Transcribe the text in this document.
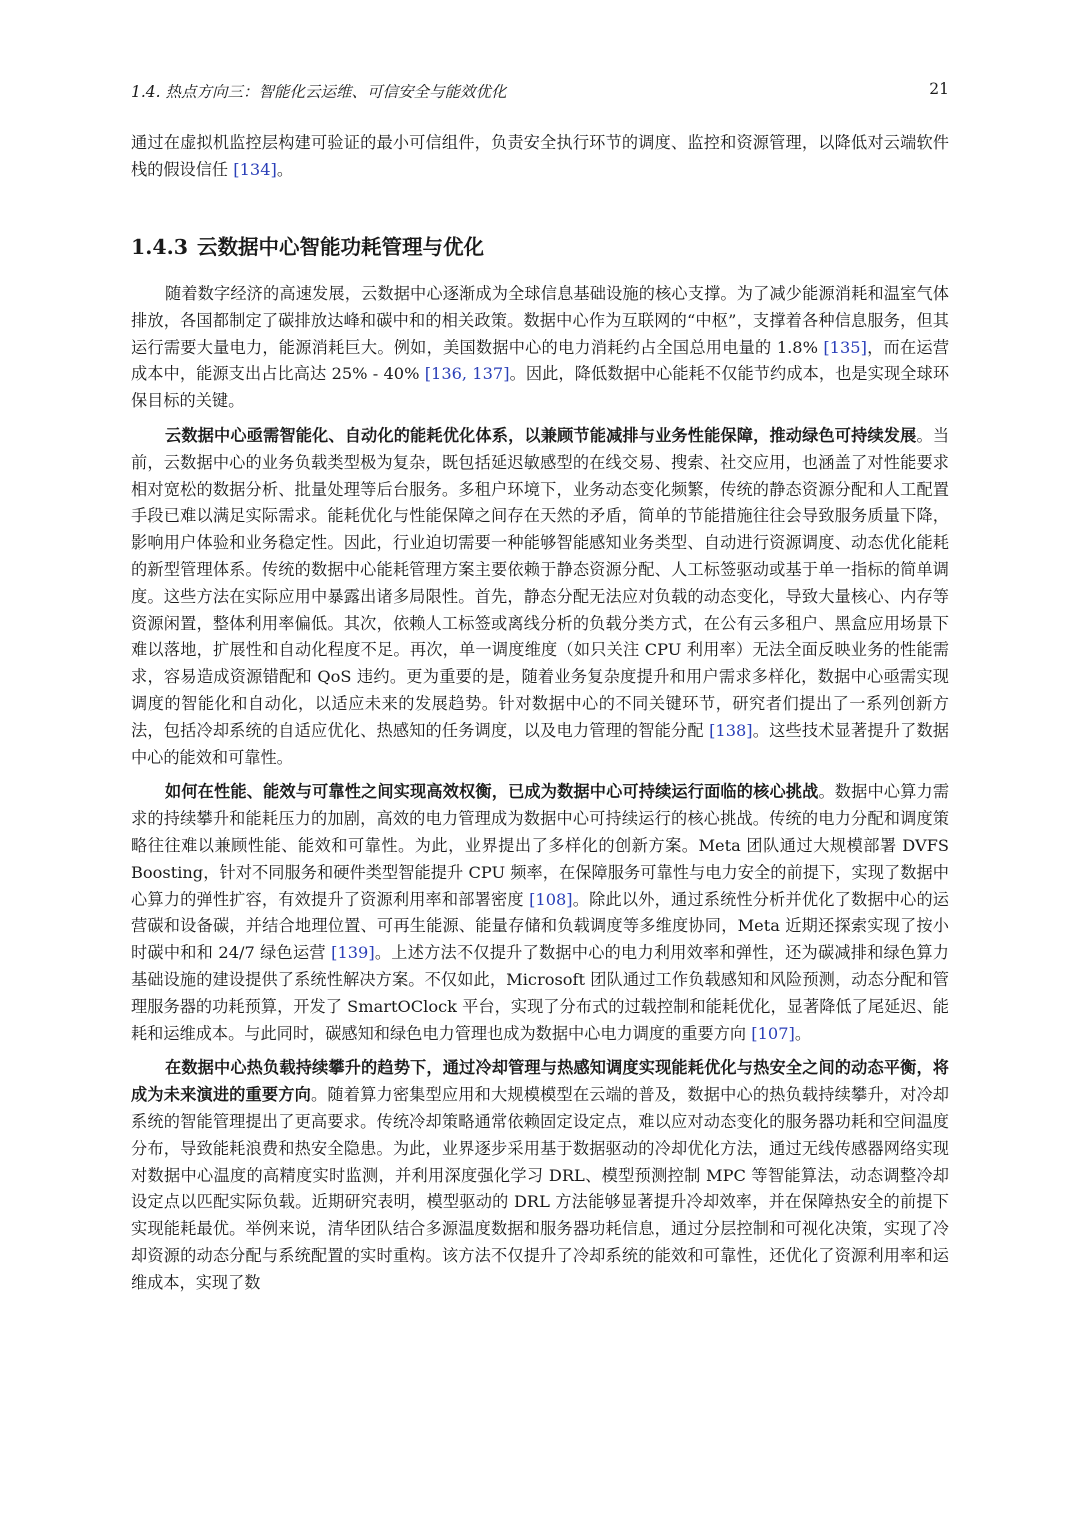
1.4. 热点方向三：智能化云运维、可信安全与能效优化	21

通过在虚拟机监控层构建可验证的最小可信组件，负责安全执行环节的调度、监控和资源管理，以降低对云端软件栈的假设信任 [134]。

1.4.3 云数据中心智能功耗管理与优化

随着数字经济的高速发展，云数据中心逐渐成为全球信息基础设施的核心支撑。为了减少能源消耗和温室气体排放，各国都制定了碳排放达峰和碳中和的相关政策。数据中心作为互联网的“中枢”，支撑着各种信息服务，但其运行需要大量电力，能源消耗巨大。例如，美国数据中心的电力消耗约占全国总用电量的 1.8% [135]，而在运营成本中，能源支出占比高达 25% - 40% [136, 137]。因此，降低数据中心能耗不仅能节约成本，也是实现全球环保目标的关键。

云数据中心亟需智能化、自动化的能耗优化体系，以兼顾节能减排与业务性能保障，推动绿色可持续发展。当前，云数据中心的业务负载类型极为复杂，既包括延迟敏感型的在线交易、搜索、社交应用，也涵盖了对性能要求相对宽松的数据分析、批量处理等后台服务。多租户环境下，业务动态变化频繁，传统的静态资源分配和人工配置手段已难以满足实际需求。能耗优化与性能保障之间存在天然的矛盾，简单的节能措施往往会导致服务质量下降，影响用户体验和业务稳定性。因此，行业迫切需要一种能够智能感知业务类型、自动进行资源调度、动态优化能耗的新型管理体系。传统的数据中心能耗管理方案主要依赖于静态资源分配、人工标签驱动或基于单一指标的简单调度。这些方法在实际应用中暴露出诸多局限性。首先，静态分配无法应对负载的动态变化，导致大量核心、内存等资源闲置，整体利用率偏低。其次，依赖人工标签或离线分析的负载分类方式，在公有云多租户、黑盒应用场景下难以落地，扩展性和自动化程度不足。再次，单一调度维度（如只关注 CPU 利用率）无法全面反映业务的性能需求，容易造成资源错配和 QoS 违约。更为重要的是，随着业务复杂度提升和用户需求多样化，数据中心亟需实现调度的智能化和自动化，以适应未来的发展趋势。针对数据中心的不同关键环节，研究者们提出了一系列创新方法，包括冷却系统的自适应优化、热感知的任务调度，以及电力管理的智能分配 [138]。这些技术显著提升了数据中心的能效和可靠性。

如何在性能、能效与可靠性之间实现高效权衡，已成为数据中心可持续运行面临的核心挑战。数据中心算力需求的持续攀升和能耗压力的加剧，高效的电力管理成为数据中心可持续运行的核心挑战。传统的电力分配和调度策略往往难以兼顾性能、能效和可靠性。为此，业界提出了多样化的创新方案。Meta 团队通过大规模部署 DVFS Boosting，针对不同服务和硬件类型智能提升 CPU 频率，在保障服务可靠性与电力安全的前提下，实现了数据中心算力的弹性扩容，有效提升了资源利用率和部署密度 [108]。除此以外，通过系统性分析并优化了数据中心的运营碳和设备碳，并结合地理位置、可再生能源、能量存储和负载调度等多维度协同，Meta 近期还探索实现了按小时碳中和和 24/7 绿色运营 [139]。上述方法不仅提升了数据中心的电力利用效率和弹性，还为碳减排和绿色算力基础设施的建设提供了系统性解决方案。不仅如此，Microsoft 团队通过工作负载感知和风险预测，动态分配和管理服务器的功耗预算，开发了 SmartOClock 平台，实现了分布式的过载控制和能耗优化，显著降低了尾延迟、能耗和运维成本。与此同时，碳感知和绿色电力管理也成为数据中心电力调度的重要方向 [107]。

在数据中心热负载持续攀升的趋势下，通过冷却管理与热感知调度实现能耗优化与热安全之间的动态平衡，将成为未来演进的重要方向。随着算力密集型应用和大规模模型在云端的普及，数据中心的热负载持续攀升，对冷却系统的智能管理提出了更高要求。传统冷却策略通常依赖固定设定点，难以应对动态变化的服务器功耗和空间温度分布，导致能耗浪费和热安全隐患。为此，业界逐步采用基于数据驱动的冷却优化方法，通过无线传感器网络实现对数据中心温度的高精度实时监测，并利用深度强化学习 DRL、模型预测控制 MPC 等智能算法，动态调整冷却设定点以匹配实际负载。近期研究表明，模型驱动的 DRL 方法能够显著提升冷却效率，并在保障热安全的前提下实现能耗最优。举例来说，清华团队结合多源温度数据和服务器功耗信息，通过分层控制和可视化决策，实现了冷却资源的动态分配与系统配置的实时重构。该方法不仅提升了冷却系统的能效和可靠性，还优化了资源利用率和运维成本，实现了数
